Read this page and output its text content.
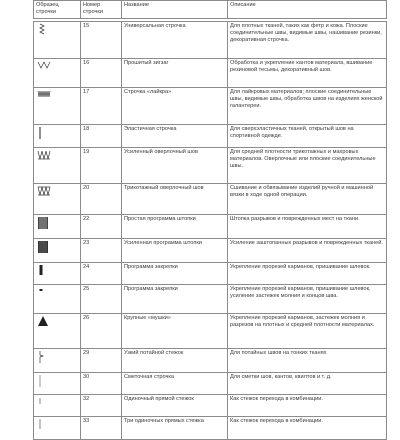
Образец строчки	Номер строчки	Название	Описание

	15	Универсальная строчка	Для плотных тканей, таких как фетр и кожа. Плоские соединительные швы, видимые швы, нашивание резинки, декоративная строчка.

	16	Прошитый зигзаг	Обработка и укрепление кантов материала, вшивание резиновой тесьмы, декоративный шов.

	17	Строчка «лайкра»	Для лайкровых материалов; плоские соединительные швы, видимые швы, обработка швов на изделиях женской галантереи.

	18	Эластичная строчка	Для сверхэластичных тканей, открытый шов на спортивной одежде.

	19	Усиленный оверлочный шов	Для средней плотности трикотажных и махровых материалов. Оверлочные или плоские соединительные швы.

	20	Трикотажный оверлочный шов	Сшивание и обвязывание изделий ручной и машинной вязки в ходе одной операции.

	22	Простая программа штопки	Штопка разрывов и поврежденных мест на ткани.

	23	Усиленная программа штопки	Усиление заштопанных разрывов и поврежденных тканей.

	24	Программа закрепки	Укрепление прорезей карманов, пришивание шлевок.

	25	Программа закрепки	Укрепление прорезей карманов, пришивание шлевок, усиление застежек молния и концов шва.

	26	Крупные «мушки»	Укрепление прорезей карманов, застежек молния и разрезов на плотных и средней плотности материалах.

	29	Узкий потайной стежок	Для потайных швов на тонких тканях

	30	Сметочная строчка	Для сметки шов, кантов, квилтов и т. д.

	32	Одиночный прямой стежок	Как стежок перехода в комбинации.

	33	Три одиночных прямых стежка	Как стежок перехода в комбинации.
